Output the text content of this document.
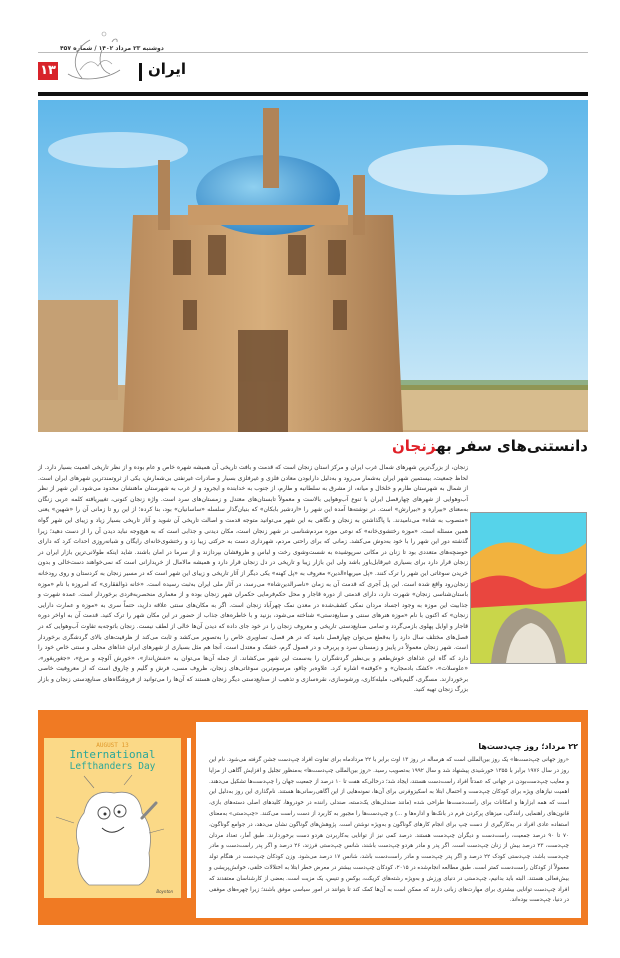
دوشنبه ۲۳ مرداد ۱۴۰۲ / شماره ۴۵۷
۱۳	ایران
دانستنی‌های سفر بهزنجان
زنجان، از بزرگ‌ترین شهرهای شمال غرب ایران و مرکز استان زنجان است که قدمت و بافت تاریخی آن همیشه شهره خاص و عام بوده و از نظر تاریخی اهمیت بسیار دارد. از لحاظ جمعیت، بیستمین شهر ایران به‌شمار می‌رود و به‌دلیل دارابودن معادن فلزی و غیرفلزی بسیار و صادرات غیرنفتی بی‌شمارش، یکی از ثروتمندترین شهرهای ایران است. از شمال به شهرستان طارم و خلخال و میانه، از مشرق به سلطانیه و طارم، از جنوب به خدابنده و ایجرود و از غرب به شهرستان ماهنشان محدود می‌شود. این شهر از نظر آب‌وهوایی از شهرهای چهارفصل ایران با تنوع آب‌وهوایی بالاست و معمولاً تابستان‌های معتدل و زمستان‌های سرد است. واژه زنجان کنونی، تغییریافته کلمه عربی زنگان به‌معنای «بیراره و «بیرارش» است. در نوشته‌ها آمده این شهر را «اردشیر بابکان» که بنیان‌گذار سلسله «ساسانیان» بود، بنا کرده؛ از این رو تا زمانی آن را «شهین» یعنی «منصوب به شاه» می‌نامیدند. با پاگذاشتن به زنجان و نگاهی به این شهر می‌توانید متوجه قدمت و اصالت تاریخی آن شوید و آثار تاریخی بسیار زیاد و زیبای این شهر گواه همین مسئله است. «موزه رختشوی‌خانه» که نوعی موزه مردم‌شناسی در شهر زنجان است، مکان دیدنی و جذابی است که به هیچ‌وجه نباید دیدن آن را از دست دهید؛ زیرا گذشته دور این شهر را با خود به‌دوش می‌کشد. زمانی که برای راحتی مردم، شهرداری دست به حرکتی زیبا زد و رختشوی‌خانه‌ای رایگان و شبانه‌روزی احداث کرد که دارای حوضچه‌های متعددی بود تا زنان در مکانی سرپوشیده به شست‌وشوی رخت و لباس و ظروفشان بپردازند و از سرما در امان باشند. شاید اینکه طولانی‌ترین بازار ایران در زنجان قرار دارد برای بسیاری غیرقابل‌باور باشد ولی این بازار زیبا و تاریخی در دل زنجان قرار دارد و همیشه مالامال از خریدارانی است که نمی‌خواهند دست‌خالی و بدون خریدن سوغاتی این شهر را ترک کنند. «پل میربهاءالدین» معروف به «پل کهنه» یکی دیگر از آثار تاریخی و زیبای این شهر است که در مسیر زنجان به کردستان و روی رودخانه زنجان‌رود واقع شده است. این پل آجری که قدمت آن به زمان «ناصرالدین‌شاه» می‌رسد، در آثار ملی ایران به‌ثبت رسیده است. «خانه ذوالفقاری» که امروزه با نام «موزه باستان‌شناسی زنجان» شهرت دارد، دارای قدمتی از دوره قاجار و محل حکم‌فرمایی حکمران شهر زنجان بوده و از معماری منحصربه‌فردی برخوردار است. عمده شهرت و جذابیت این موزه به وجود اجساد مردان نمکی کشف‌شده در معدن نمک چهرآباد زنجان است. اگر به مکان‌های سنتی علاقه دارید، حتماً سری به «موزه و عمارت دارایی زنجان» که اکنون با نام «موزه هنرهای سنتی و صنایع‌دستی» شناخته می‌شود، بزنید و با خاطره‌های جذاب از حضور در این مکان شهر را ترک کنید. قدمت آن به اواخر دوره قاجار و اوایل پهلوی بازمی‌گردد و تمامی صنایع‌دستی تاریخی و معروف زنجان را در خود جای داده که دیدن آن‌ها خالی از لطف نیست. زنجان باتوجه‌به تفاوت آب‌وهوایی که در فصل‌های مختلف سال دارد را به‌قطع می‌توان چهارفصل نامید که در هر فصل، تصاویری خاص را به‌تصویر می‌کشد و ثابت می‌کند از ظرفیت‌های بالای گردشگری برخوردار است. شهر زنجان معمولاً در پاییز و زمستان سرد و پربرف و در فصول گرم، خشک و معتدل است. آنجا هم مثل بسیاری از شهرهای ایران غذاهای محلی و سنتی خاص خود را دارد که گاه این غذاهای خوش‌طعم و بی‌نظیر گردشگران را به‌سمت این شهر می‌کشاند. از جمله آن‌ها می‌توان به «شش‌انداز»، «خورش آلوچه و مرغ»، «جغوربغور»، «علوسلات»، «کشک بادمجان» و «کوفته» اشاره کرد. علاوه‌بر چاقو، مرسوم‌ترین سوغاتی‌های زنجان، ظروف مسی، فرش و گلیم و چاروق است که از معروفیت خاصی برخوردارند. مسگری، گلیم‌بافی، ملیله‌کاری، ورشوسازی، نقره‌سازی و تذهیب از صنایع‌دستی دیگر زنجان هستند که آن‌ها را می‌توانید از فروشگاه‌های صنایع‌دستی زنجان و بازار بزرگ زنجان تهیه کنید.
AUGUST 13
International
Lefthanders Day
Boynton
۲۲ مرداد؛ روز چپ‌دست‌ها
«روز جهانی چپ‌دست‌ها» یک روز بین‌المللی است که هرساله در روز ۱۳ اوت برابر با ۲۲ مردادماه برای تفاوت افراد چپ‌دست جشن گرفته می‌شود. نام این روز در سال ۱۹۷۶ برابر با ۱۳۵۵ خورشیدی پیشنهاد شد و سال ۱۹۹۲ به‌تصویب رسید. «روز بین‌المللی چپ‌دست‌ها» به‌منظور تجلیل و افزایش آگاهی از مزایا و معایب چپ‌دست‌بودن در جهانی که عمدتاً افراد راست‌دست هستند، ایجاد شد؛ درحالی‌که هفت تا ۱۰ درصد از جمعیت جهان را چپ‌دست‌ها تشکیل می‌دهند. اهمیت نیازهای ویژه برای کودکان چپ‌دست و احتمال ابتلا به اسکیزوفرنی برای آن‌ها، نمونه‌هایی از این آگاهی‌رسانی‌ها هستند. نام‌گذاری این روز به‌دلیل این است که همه ابزارها و امکانات برای راست‌دست‌ها طراحی شده (مانند صندلی‌های یک‌دسته، صندلی راننده در خودروها، کلیدهای اصلی دسته‌های بازی، قانون‌های راهنمایی رانندگی، میزهای پرکردن فرم در بانک‌ها و اداره‌ها و ...) و چپ‌دست‌ها را مجبور به کاربرد از دست راست می‌کنند. «چپ‌دستی» به‌معنای استفاده عادی افراد در به‌کارگیری از دست چپ برای انجام کارهای گوناگون و به‌ویژه نوشتن است. پژوهش‌های گوناگون نشان می‌دهد، در جوامع گوناگون، ۷۰ تا ۹۰ درصد جمعیت، راست‌دست و دیگران چپ‌دست هستند. درصد کمی نیز از توانایی به‌کاربردن هردو دست برخوردارند. طبق آمار، تعداد مردان چپ‌دست، ۲۳ درصد بیش از زنان چپ‌دست است. اگر پدر و مادر هردو چپ‌دست باشند، شانس چپ‌دستی فرزند، ۲۶ درصد و اگر پدر راست‌دست و مادر چپ‌دست باشد، چپ‌دستی کودک ۲۲ درصد و اگر پدر چپ‌دست و مادر راست‌دست باشد، شانس ۱۷ درصد می‌شود. وزن کودکان چپ‌دست در هنگام تولد معمولاً از کودکان راست‌دست کمتر است. طبق مطالعه انجام‌شده در ۲۰۱۵، کودکان چپ‌دست بیشتر در معرض خطر ابتلا به اختلالات خلقی، خوانش‌پریشی و بیش‌فعالی هستند. البته باید بدانیم، چپ‌دستی در دنیای ورزش و به‌ویژه رشته‌های کریکت، بوکس و تنیس، یک مزیت است. بعضی از کارشناسان معتقدند که افراد چپ‌دست توانایی بیشتری برای مهارت‌های زبانی دارند که ممکن است به آن‌ها کمک کند تا بتوانند در امور سیاسی موفق باشند؛ زیرا چهره‌های موفقی در دنیا، چپ‌دست بوده‌اند.
